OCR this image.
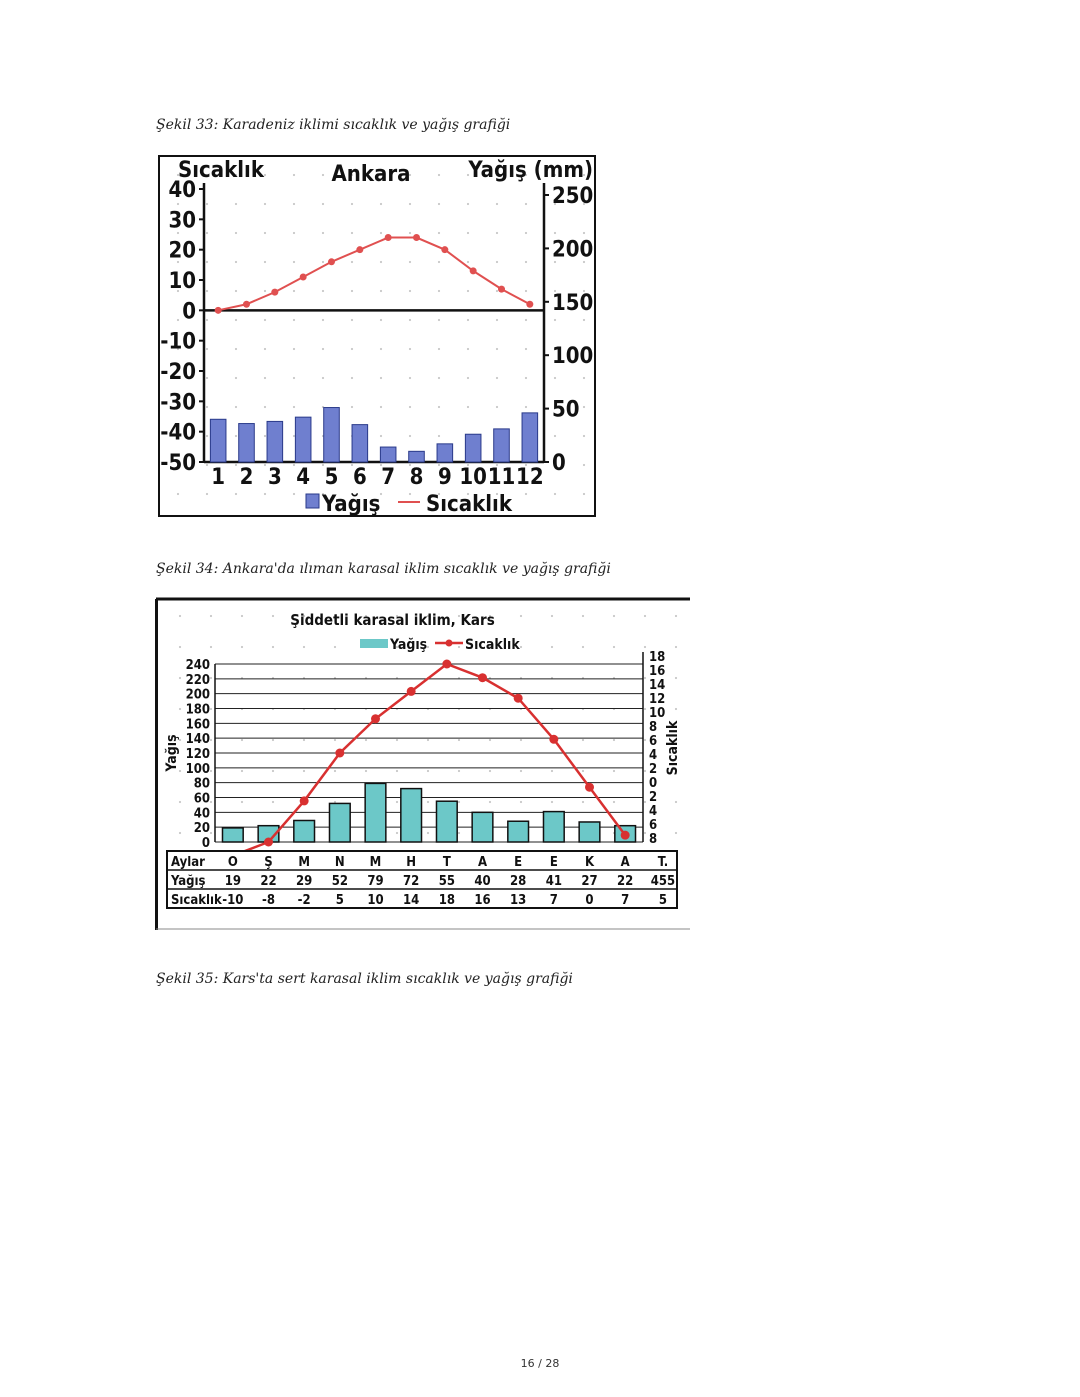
Şekil 33: Karadeniz iklimi sıcaklık ve yağış grafiği
Sıcaklık	Ankara	Yağış (mm)
40
30
20
10
0
-10
-20
-30
-40
-50
250
200
150
100
50
0
1 2 3 4 5 6 7 8 9 10 11 12
Yağış Sıcaklık
Şekil 34: Ankara'da ılıman karasal iklim sıcaklık ve yağış grafiği
Şiddetli karasal iklim, Kars
Yağış	Sıcaklık
240
220
200
180
160
140
120
100
80
60
40
20
0
18
16
14
12
10
8
6
4
2
0
2
4
6
8
Yağış	Sıcaklık
Aylar O Ş M N M H T A E E K A T.
Yağış 19 22 29 52 79 72 55 40 28 41 27 22 455
Sıcaklık -10 -8 -2 5 10 14 18 16 13 7 0 7 5
Şekil 35: Kars'ta sert karasal iklim sıcaklık ve yağış grafiği
16 / 28
